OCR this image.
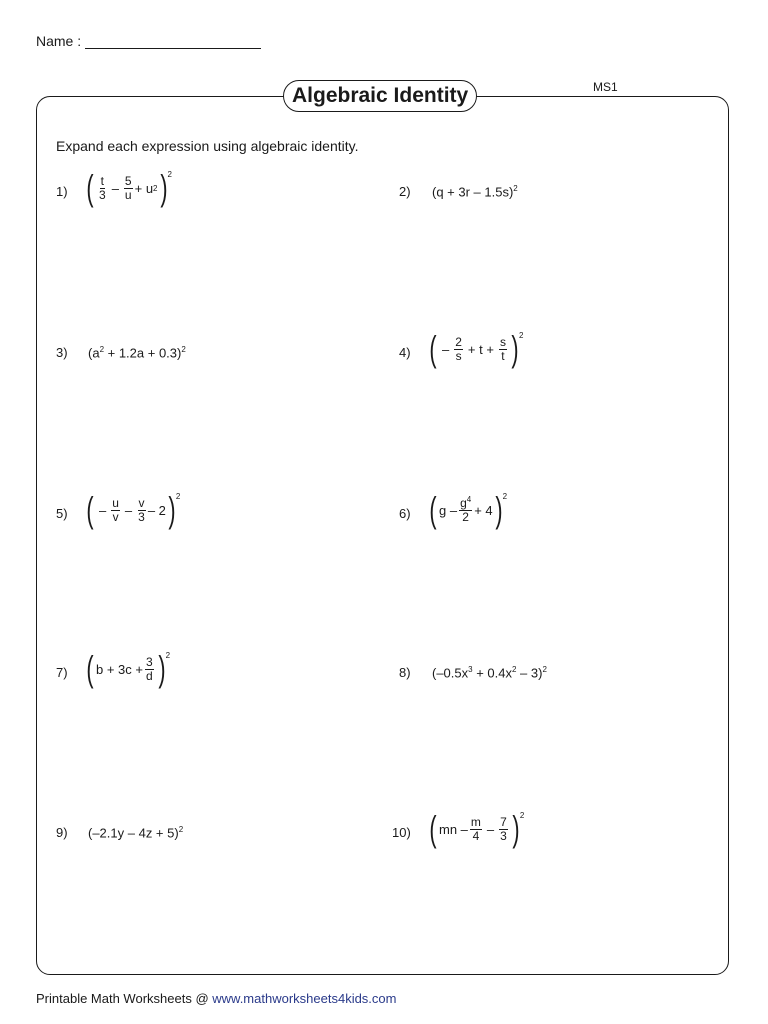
Name :
Algebraic Identity	MS1
Expand each expression using algebraic identity.
1) ( $\frac{t}{3} - \frac{5}{u} + u$ 2 ) 2
2) $(q + 3r - 1.5s)^2$
3) $(a^2 + 1.2a + 0.3)^2$	4) ( – $\frac{2}{s} + t + \frac{s}{t}$ ) 2
5) ( – $\frac{u}{v} - \frac{v}{3} - 2$ ) 2
6) ( $g - \frac{g^4}{2} + 4$ ) 2
7) ( $b + 3c + \frac{3}{d}$ ) 2
8) $(-0.5x^3 + 0.4x^2 - 3)^2$
9) $(-2.1y - 4z + 5)^2$	10) ( mn – $\frac{m}{4} - \frac{7}{3}$ ) 2
Printable Math Worksheets @ www.mathworksheets4kids.com
